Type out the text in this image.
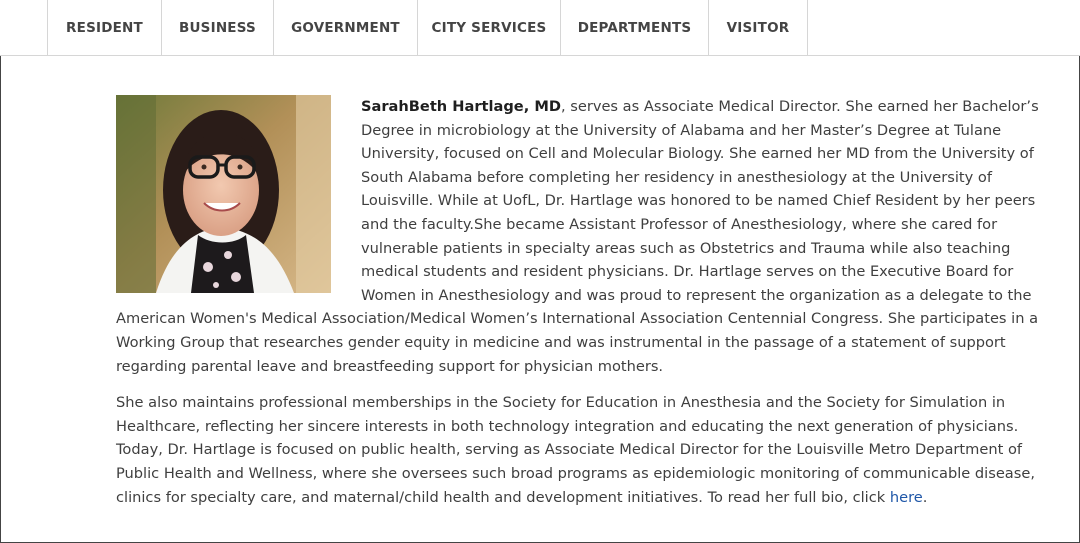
RESIDENT	BUSINESS	GOVERNMENT	CITY SERVICES	DEPARTMENTS	VISITOR

SarahBeth Hartlage, MD, serves as Associate Medical Director. She earned her Bachelor’s Degree in microbiology at the University of Alabama and her Master’s Degree at Tulane University, focused on Cell and Molecular Biology. She earned her MD from the University of South Alabama before completing her residency in anesthesiology at the University of Louisville. While at UofL, Dr. Hartlage was honored to be named Chief Resident by her peers and the faculty.She became Assistant Professor of Anesthesiology, where she cared for vulnerable patients in specialty areas such as Obstetrics and Trauma while also teaching medical students and resident physicians. Dr. Hartlage serves on the Executive Board for Women in Anesthesiology and was proud to represent the organization as a delegate to the American Women's Medical Association/Medical Women’s International Association Centennial Congress. She participates in a Working Group that researches gender equity in medicine and was instrumental in the passage of a statement of support regarding parental leave and breastfeeding support for physician mothers.

She also maintains professional memberships in the Society for Education in Anesthesia and the Society for Simulation in Healthcare, reflecting her sincere interests in both technology integration and educating the next generation of physicians. Today, Dr. Hartlage is focused on public health, serving as Associate Medical Director for the Louisville Metro Department of Public Health and Wellness, where she oversees such broad programs as epidemiologic monitoring of communicable disease, clinics for specialty care, and maternal/child health and development initiatives. To read her full bio, click here.
